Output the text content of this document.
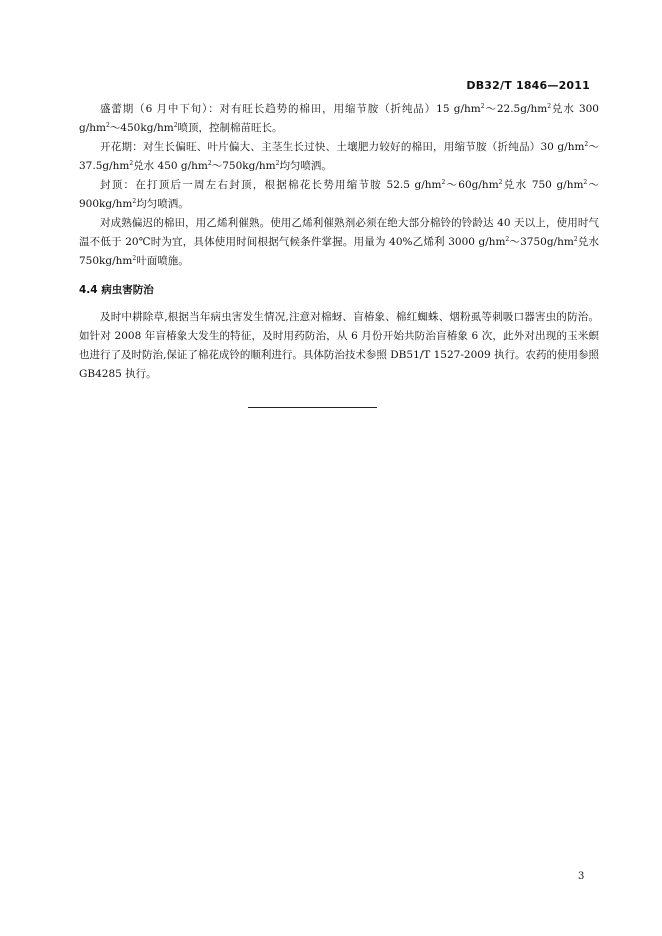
DB32/T 1846—2011

盛蕾期（6 月中下旬）：对有旺长趋势的棉田，用缩节胺（折纯品）15 $g/hm^2\sim 22.5g/hm^2$兑水 300 $g/hm^2\sim 450kg/hm^2$喷顶，控制棉苗旺长。

开花期：对生长偏旺、叶片偏大、主茎生长过快、土壤肥力较好的棉田，用缩节胺（折纯品）30 $g/hm^2\sim 37.5g/hm^2$兑水 450 $g/hm^2\sim 750kg/hm^2$均匀喷洒。

封顶：在打顶后一周左右封顶，根据棉花长势用缩节胺 52.5 $g/hm^2\sim 60g/hm^2$兑水 750 $g/hm^2\sim 900kg/hm^2$均匀喷洒。

对成熟偏迟的棉田，用乙烯利催熟。使用乙烯利催熟剂必须在绝大部分棉铃的铃龄达 40 天以上，使用时气温不低于 20℃时为宜，具体使用时间根据气候条件掌握。用量为 40%乙烯利 3000 $g/hm^2\sim 3750g/hm^2$兑水 $750kg/hm^2$叶面喷施。

4.4 病虫害防治

及时中耕除草,根据当年病虫害发生情况,注意对棉蚜、盲椿象、棉红蜘蛛、烟粉虱等刺吸口器害虫的防治。如针对 2008 年盲椿象大发生的特征，及时用药防治，从 6 月份开始共防治盲椿象 6 次，此外对出现的玉米螟也进行了及时防治,保证了棉花成铃的顺利进行。具体防治技术参照 DB51/T 1527-2009 执行。农药的使用参照 GB4285 执行。

3
